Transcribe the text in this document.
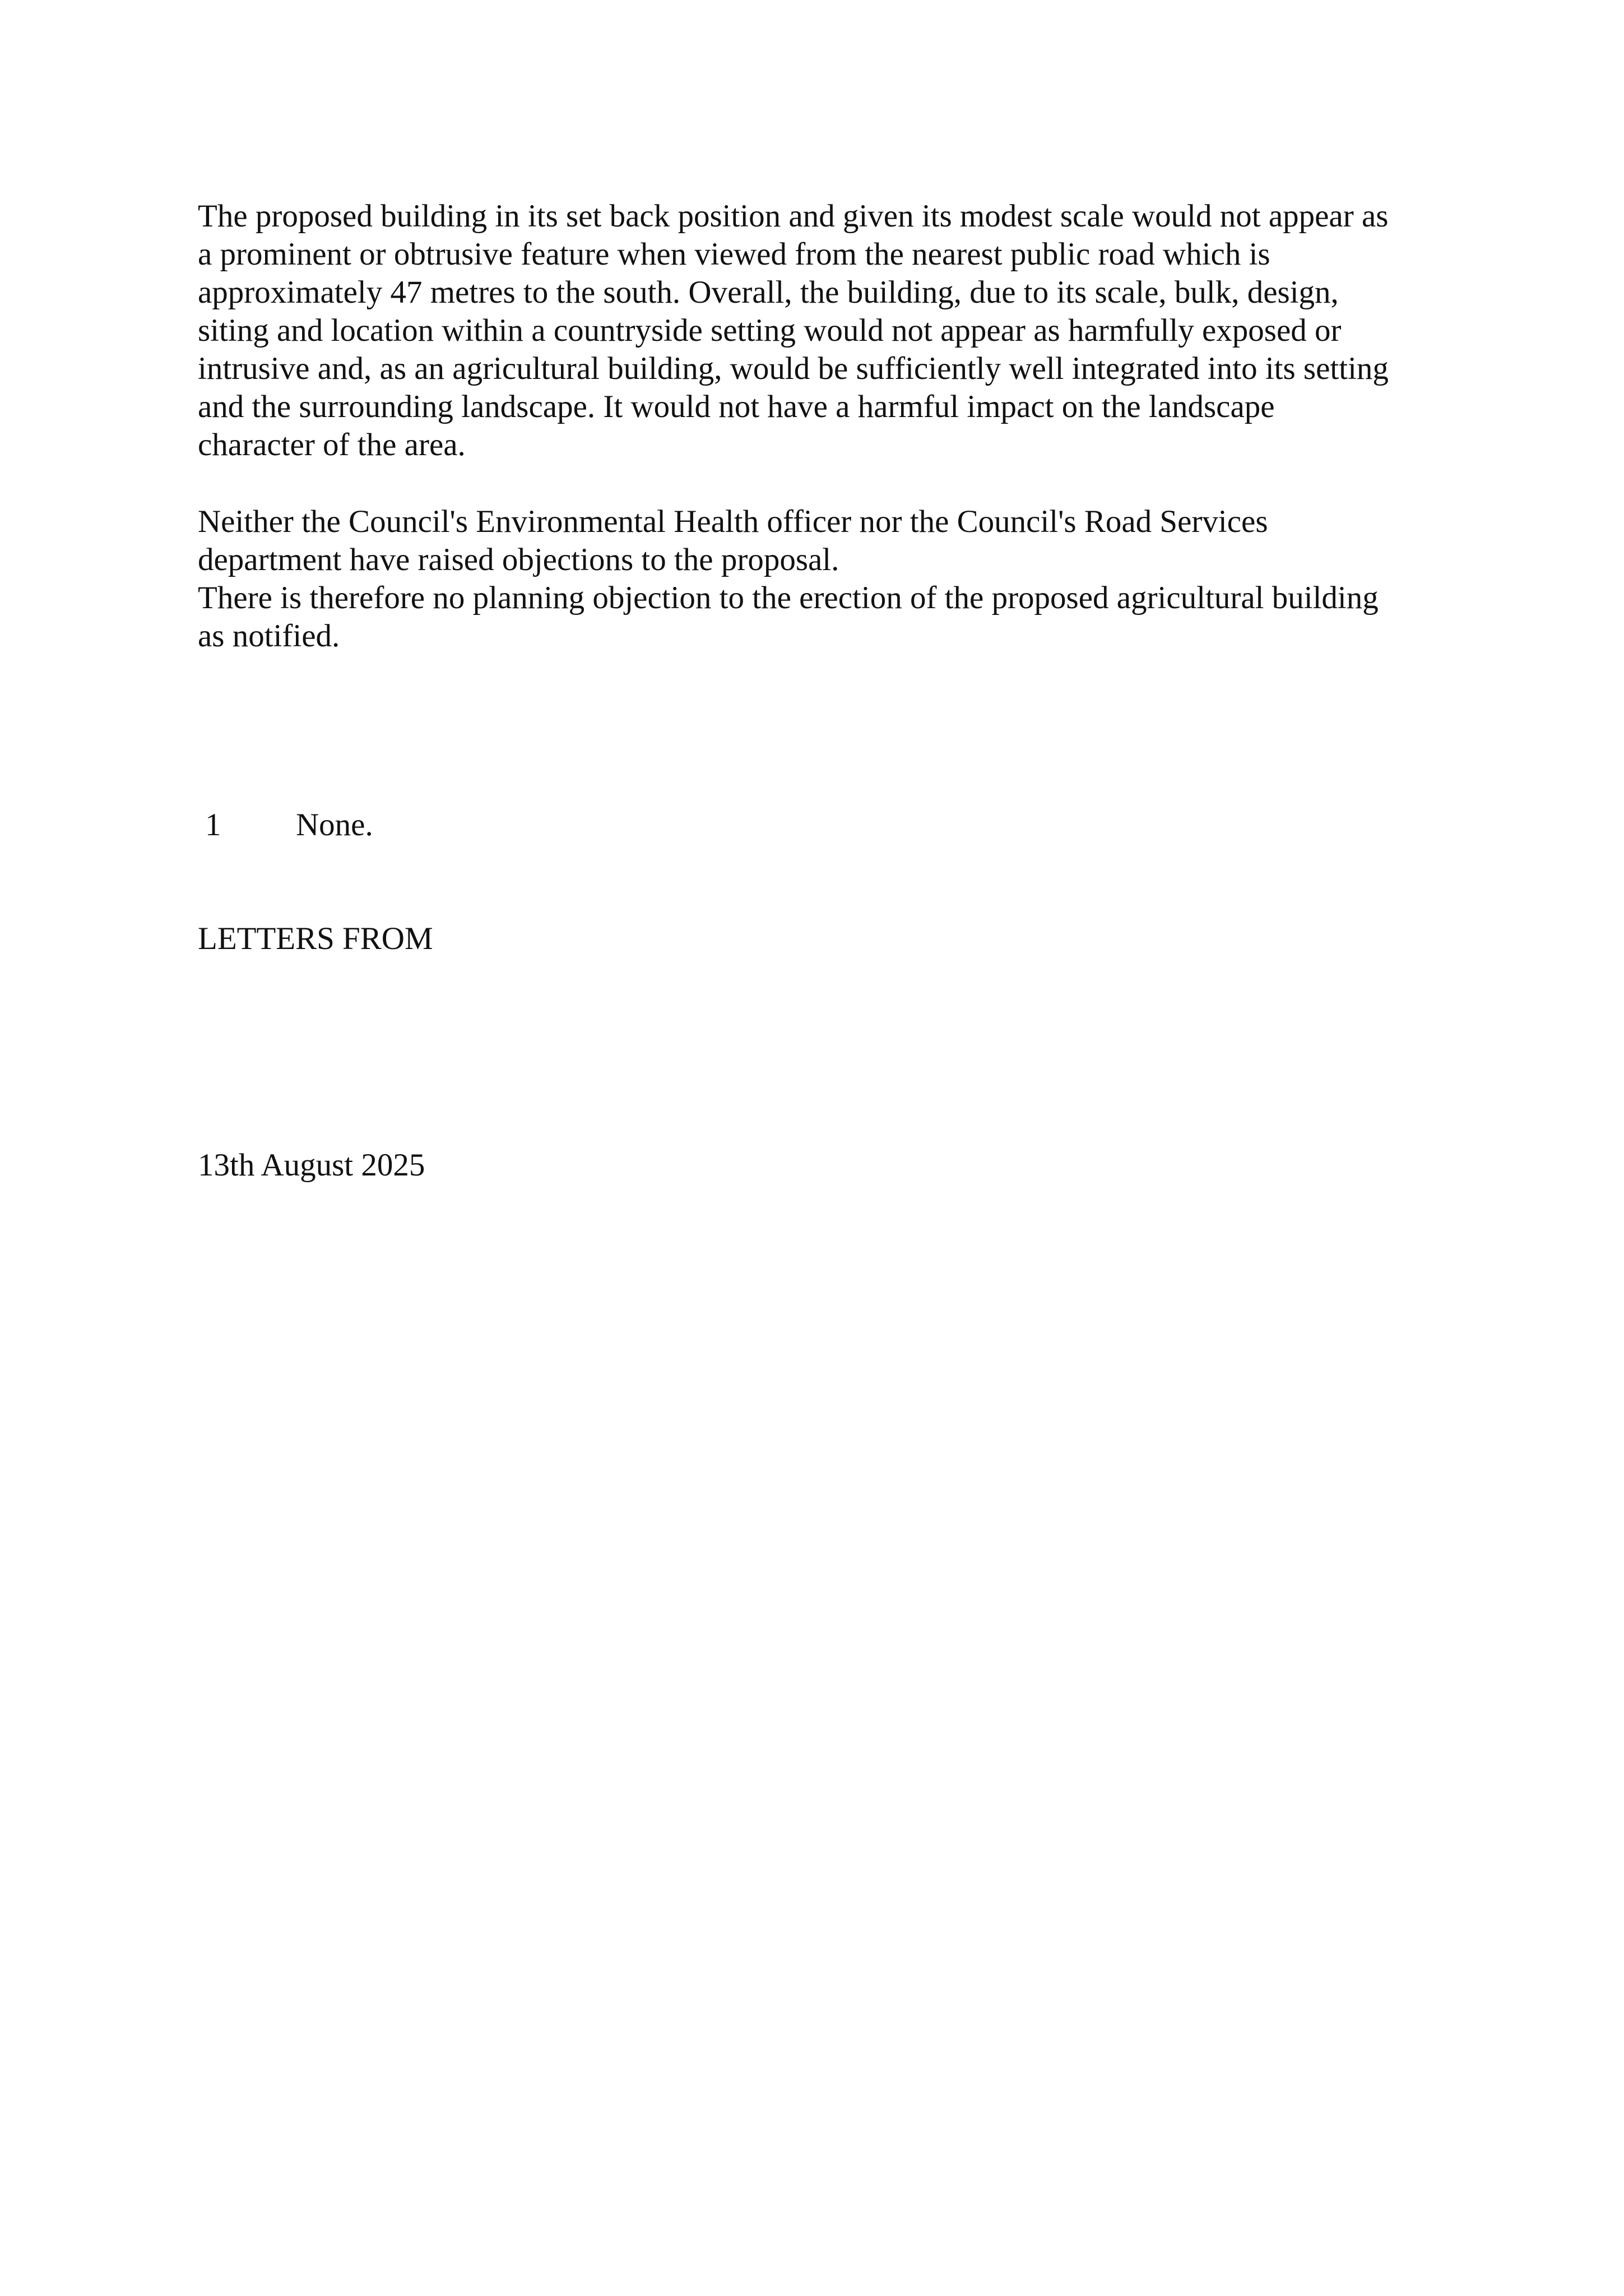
The proposed building in its set back position and given its modest scale would not appear as
a prominent or obtrusive feature when viewed from the nearest public road which is
approximately 47 metres to the south. Overall, the building, due to its scale, bulk, design,
siting and location within a countryside setting would not appear as harmfully exposed or
intrusive and, as an agricultural building, would be sufficiently well integrated into its setting
and the surrounding landscape. It would not have a harmful impact on the landscape
character of the area.
Neither the Council's Environmental Health officer nor the Council's Road Services
department have raised objections to the proposal.
There is therefore no planning objection to the erection of the proposed agricultural building
as notified.
1 None.
LETTERS FROM
13th August 2025
